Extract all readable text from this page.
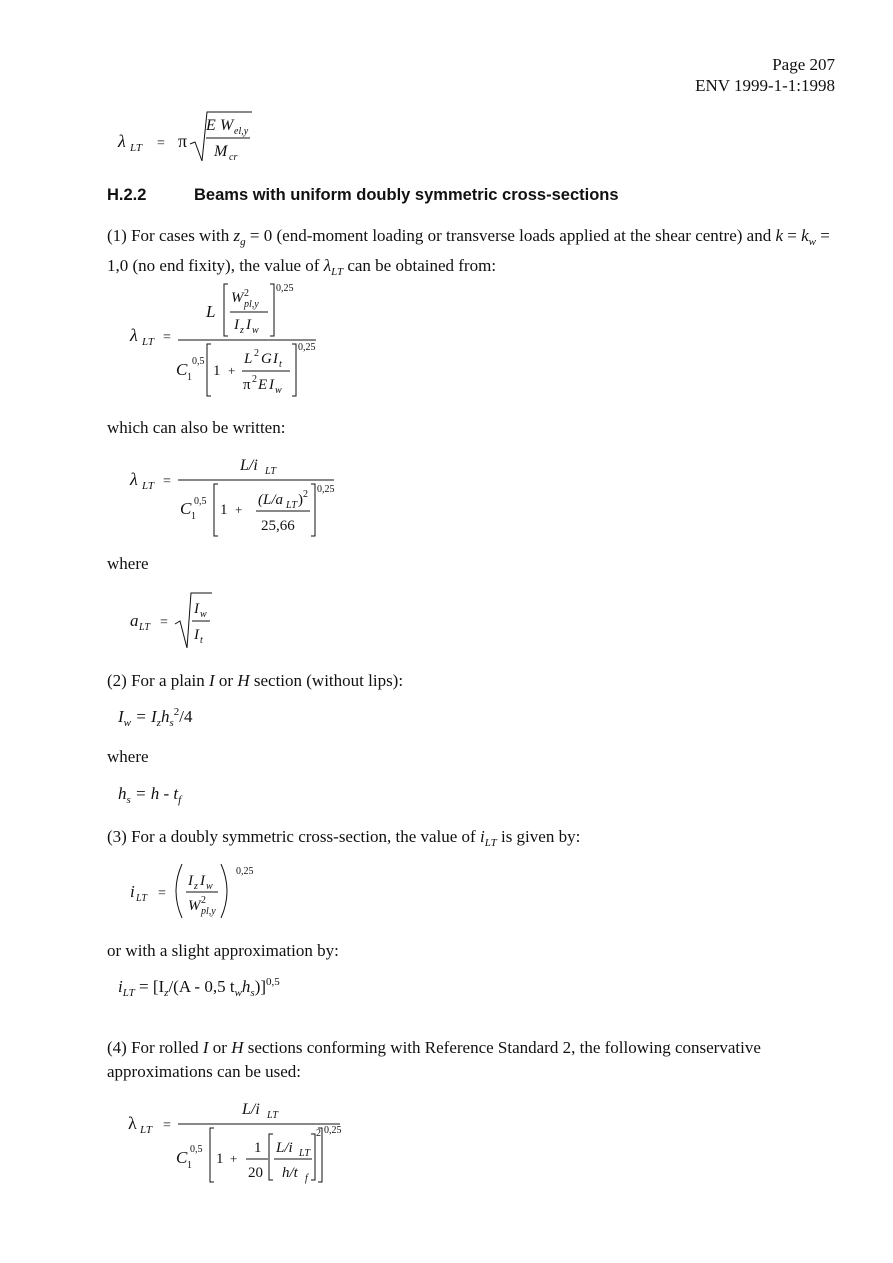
Page 207
ENV 1999-1-1:1998
λ LT = π
E W el,y
M cr
H.2.2	Beams with uniform doubly symmetric cross-sections
(1) For cases with $z_g = 0$ (end-moment loading or transverse loads applied at the shear centre) and $k = k_w = 1,0$ (no end fixity), the value of $\lambda_{LT}$ can be obtained from:
λ LT =
L
W 2
pl,y
I z I w
0,25
C 1
0,5
1 +
L 2 G I t
π 2 E I w
0,25
which can also be written:
λ LT =
L/i LT
C 1
0,5
1 +
(L/a LT ) 2
25,66
0,25
where
a LT =
I w
I t
(2) For a plain I or H section (without lips):
$I_w = I_zh_s^2/4$
where
$h_s = h - t_f$
(3) For a doubly symmetric cross-section, the value of $i_{LT}$ is given by:
i LT =
I z I w
W 2
pl,y
0,25
or with a slight approximation by:
$i_{LT} = [I_z/(A - 0,5$ $t_wh_s)]^{0,5}$
(4) For rolled I or H sections conforming with Reference Standard 2, the following conservative approximations can be used:
λ LT =
L/i LT
C 1
0,5
1 +
1
20
L/i LT
h/t f
2 0,25
